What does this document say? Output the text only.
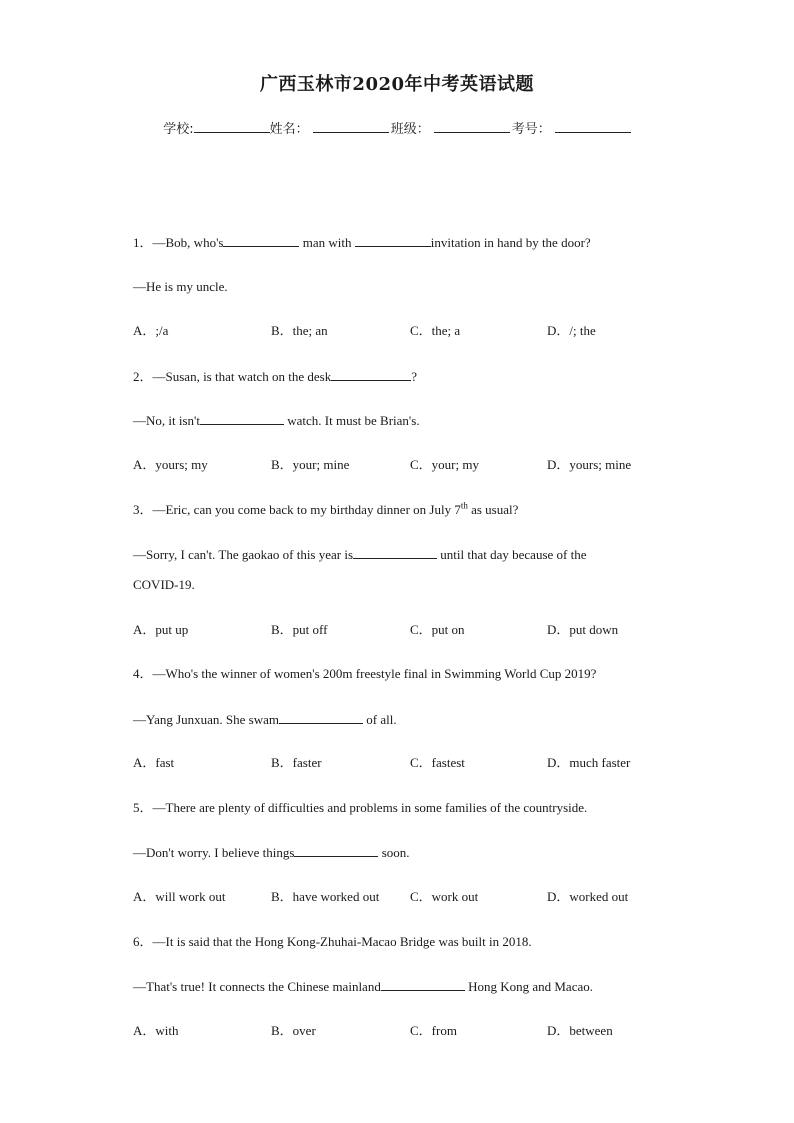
广西玉林市2020年中考英语试题
学校:	姓名：	班级：	考号：
1．—Bob, who's	man with	invitation in hand by the door?
—He is my uncle.
A．;/a	B．the; an	C．the; a	D．/; the
2．—Susan, is that watch on the desk	?
—No, it isn't	watch. It must be Brian's.
A．yours; my	B．your; mine	C．your; my	D．yours; mine
3．—Eric, can you come back to my birthday dinner on July 7th as usual?
—Sorry, I can't. The gaokao of this year is	until that day because of the
COVID-19.
A．put up	B．put off	C．put on	D．put down
4．—Who's the winner of women's 200m freestyle final in Swimming World Cup 2019?
—Yang Junxuan. She swam	of all.
A．fast	B．faster	C．fastest	D．much faster
5．—There are plenty of difficulties and problems in some families of the countryside.
—Don't worry. I believe things	soon.
A．will work out	B．have worked out C．work out	D．worked out
6．—It is said that the Hong Kong-Zhuhai-Macao Bridge was built in 2018.
—That's true! It connects the Chinese mainland	Hong Kong and Macao.
A．with	B．over	C．from	D．between
